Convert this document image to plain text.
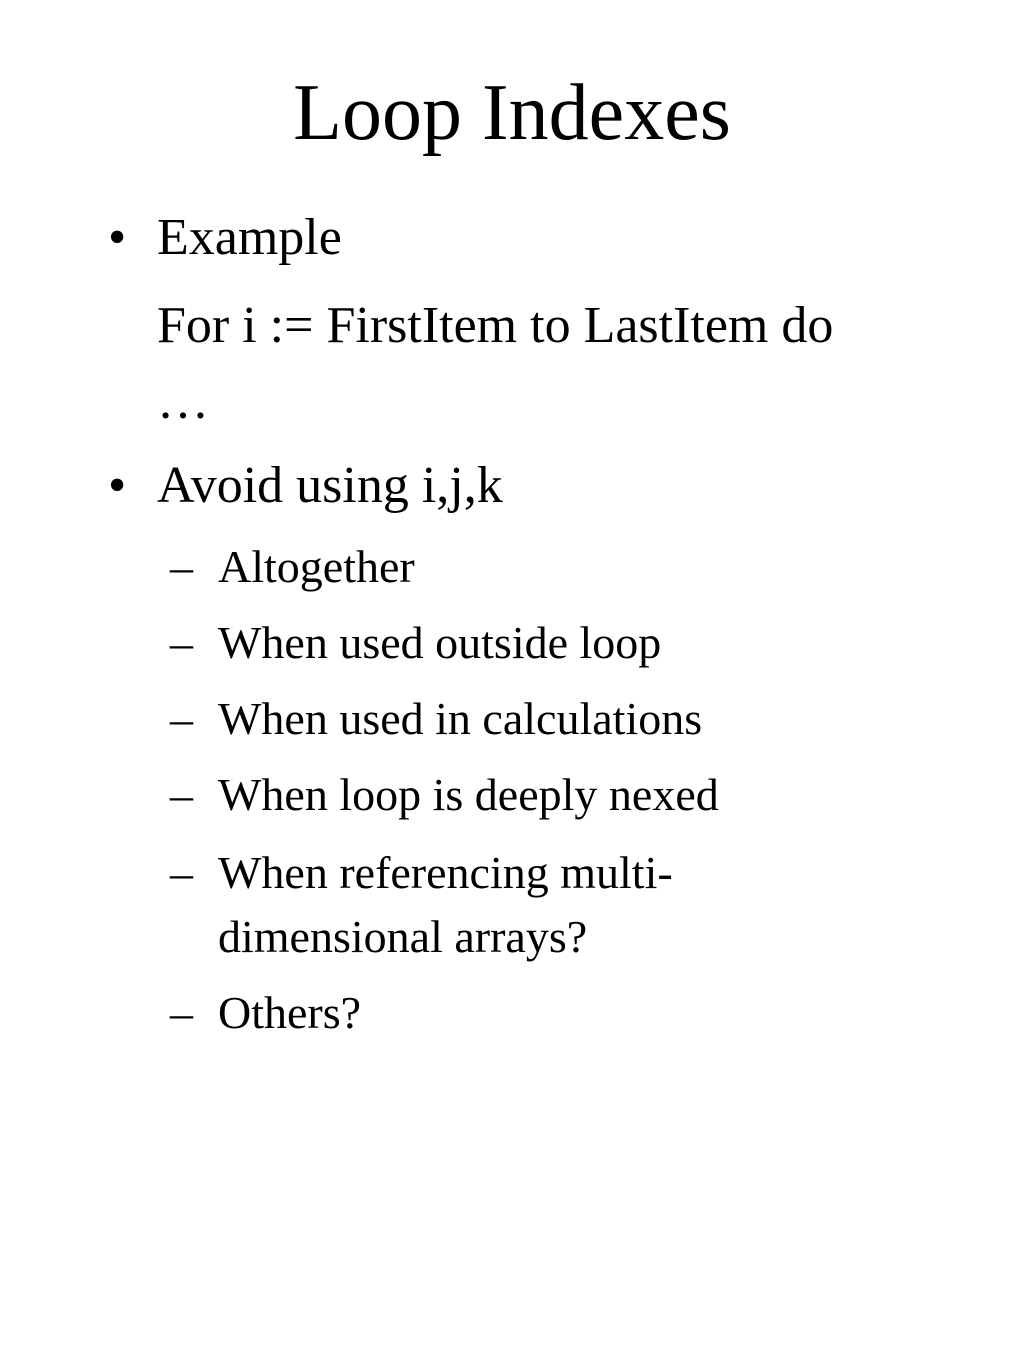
Loop Indexes
• Example
For i := FirstItem to LastItem do
…
• Avoid using i,j,k
– Altogether
– When used outside loop
– When used in calculations
– When loop is deeply nexed
– When referencing multi-
dimensional arrays?
– Others?
